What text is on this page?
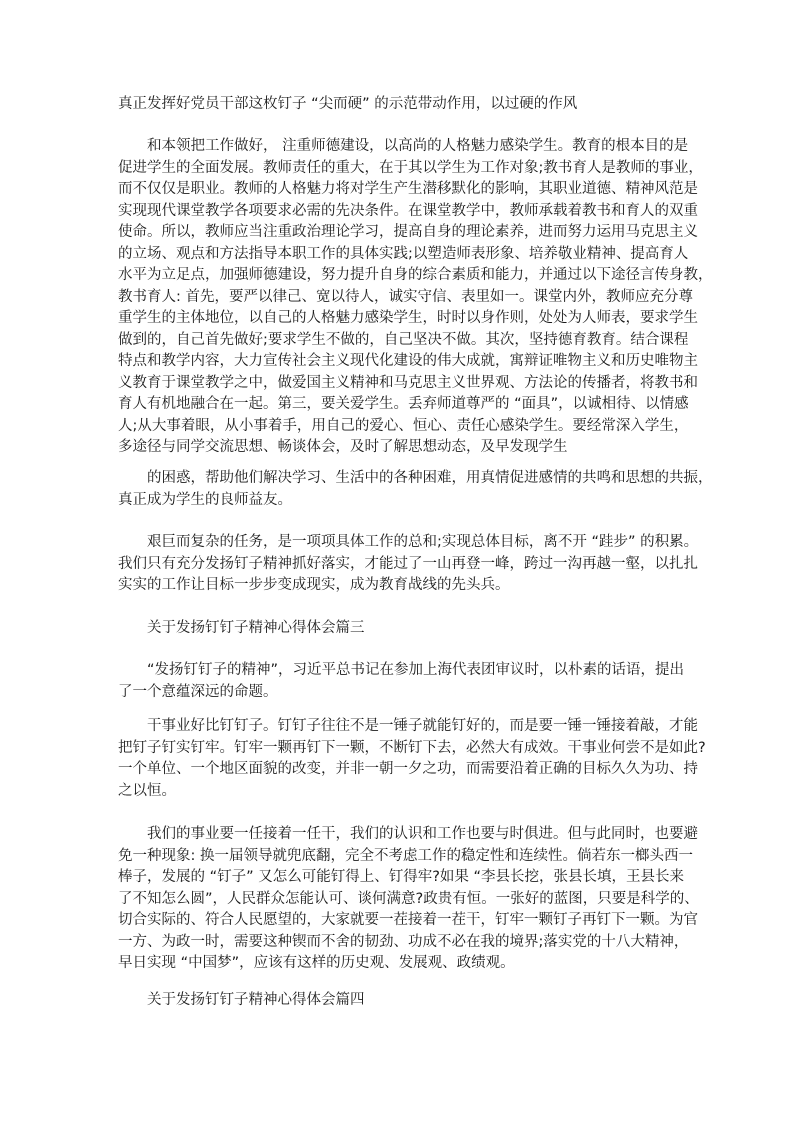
真正发挥好党员干部这枚钉子 “尖而硬” 的示范带动作用，以过硬的作风

和本领把工作做好， 注重师德建设，以高尚的人格魅力感染学生。教育的根本目的是
促进学生的全面发展。教师责任的重大，在于其以学生为工作对象;教书育人是教师的事业，
而不仅仅是职业。教师的人格魅力将对学生产生潜移默化的影响，其职业道德、精神风范是
实现现代课堂教学各项要求必需的先决条件。在课堂教学中，教师承载着教书和育人的双重
使命。所以，教师应当注重政治理论学习，提高自身的理论素养，进而努力运用马克思主义
的立场、观点和方法指导本职工作的具体实践;以塑造师表形象、培养敬业精神、提高育人
水平为立足点，加强师德建设，努力提升自身的综合素质和能力，并通过以下途径言传身教，
教书育人: 首先，要严以律己、宽以待人，诚实守信、表里如一。课堂内外，教师应充分尊
重学生的主体地位，以自己的人格魅力感染学生，时时以身作则，处处为人师表，要求学生
做到的，自己首先做好;要求学生不做的，自己坚决不做。其次，坚持德育教育。结合课程
特点和教学内容，大力宣传社会主义现代化建设的伟大成就，寓辩证唯物主义和历史唯物主
义教育于课堂教学之中，做爱国主义精神和马克思主义世界观、方法论的传播者，将教书和
育人有机地融合在一起。第三，要关爱学生。丢弃师道尊严的 “面具”，以诚相待、以情感
人;从大事着眼，从小事着手，用自己的爱心、恒心、责任心感染学生。要经常深入学生，
多途径与同学交流思想、畅谈体会，及时了解思想动态，及早发现学生

的困惑，帮助他们解决学习、生活中的各种困难，用真情促进感情的共鸣和思想的共振，
真正成为学生的良师益友。

艰巨而复杂的任务，是一项项具体工作的总和;实现总体目标，离不开 “跬步” 的积累。
我们只有充分发扬钉子精神抓好落实，才能过了一山再登一峰，跨过一沟再越一壑，以扎扎
实实的工作让目标一步步变成现实，成为教育战线的先头兵。

关于发扬钉钉子精神心得体会篇三

“发扬钉钉子的精神”，习近平总书记在参加上海代表团审议时，以朴素的话语，提出
了一个意蕴深远的命题。

干事业好比钉钉子。钉钉子往往不是一锤子就能钉好的，而是要一锤一锤接着敲，才能
把钉子钉实钉牢。钉牢一颗再钉下一颗，不断钉下去，必然大有成效。干事业何尝不是如此?
一个单位、一个地区面貌的改变，并非一朝一夕之功，而需要沿着正确的目标久久为功、持
之以恒。

我们的事业要一任接着一任干，我们的认识和工作也要与时俱进。但与此同时，也要避
免一种现象: 换一届领导就兜底翻，完全不考虑工作的稳定性和连续性。倘若东一榔头西一
棒子，发展的 “钉子” 又怎么可能钉得上、钉得牢?如果 “李县长挖，张县长填，王县长来
了不知怎么圆”，人民群众怎能认可、谈何满意?政贵有恒。一张好的蓝图，只要是科学的、
切合实际的、符合人民愿望的，大家就要一茬接着一茬干，钉牢一颗钉子再钉下一颗。为官
一方、为政一时，需要这种锲而不舍的韧劲、功成不必在我的境界;落实党的十八大精神，
早日实现 “中国梦”，应该有这样的历史观、发展观、政绩观。

关于发扬钉钉子精神心得体会篇四
